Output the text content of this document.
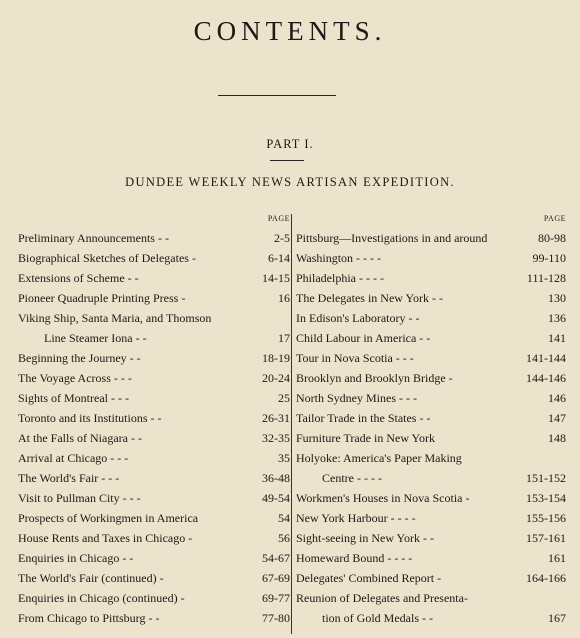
CONTENTS.
PART I.
DUNDEE WEEKLY NEWS ARTISAN EXPEDITION.
PAGE
Preliminary Announcements - -	2-5
Biographical Sketches of Delegates -	6-14
Extensions of Scheme - -	14-15
Pioneer Quadruple Printing Press -	16
Viking Ship, Santa Maria, and Thomson
Line Steamer Iona - -	17
Beginning the Journey - -	18-19
The Voyage Across - - -	20-24
Sights of Montreal - - -	25
Toronto and its Institutions - -	26-31
At the Falls of Niagara - -	32-35
Arrival at Chicago - - -	35
The World's Fair - - -	36-48
Visit to Pullman City - - -	49-54
Prospects of Workingmen in America	54
House Rents and Taxes in Chicago -	56
Enquiries in Chicago - -	54-67
The World's Fair (continued) -	67-69
Enquiries in Chicago (continued) -	69-77
From Chicago to Pittsburg - -	77-80
PAGE
Pittsburg—Investigations in and around	80-98
Washington - - - -	99-110
Philadelphia - - - -	111-128
The Delegates in New York - -	130
In Edison's Laboratory - -	136
Child Labour in America - -	141
Tour in Nova Scotia - - -	141-144
Brooklyn and Brooklyn Bridge -	144-146
North Sydney Mines - - -	146
Tailor Trade in the States - -	147
Furniture Trade in New York	148
Holyoke: America's Paper Making
Centre - - - -	151-152
Workmen's Houses in Nova Scotia -	153-154
New York Harbour - - - -	155-156
Sight-seeing in New York - -	157-161
Homeward Bound - - - -	161
Delegates' Combined Report -	164-166
Reunion of Delegates and Presenta-
tion of Gold Medals - -	167
